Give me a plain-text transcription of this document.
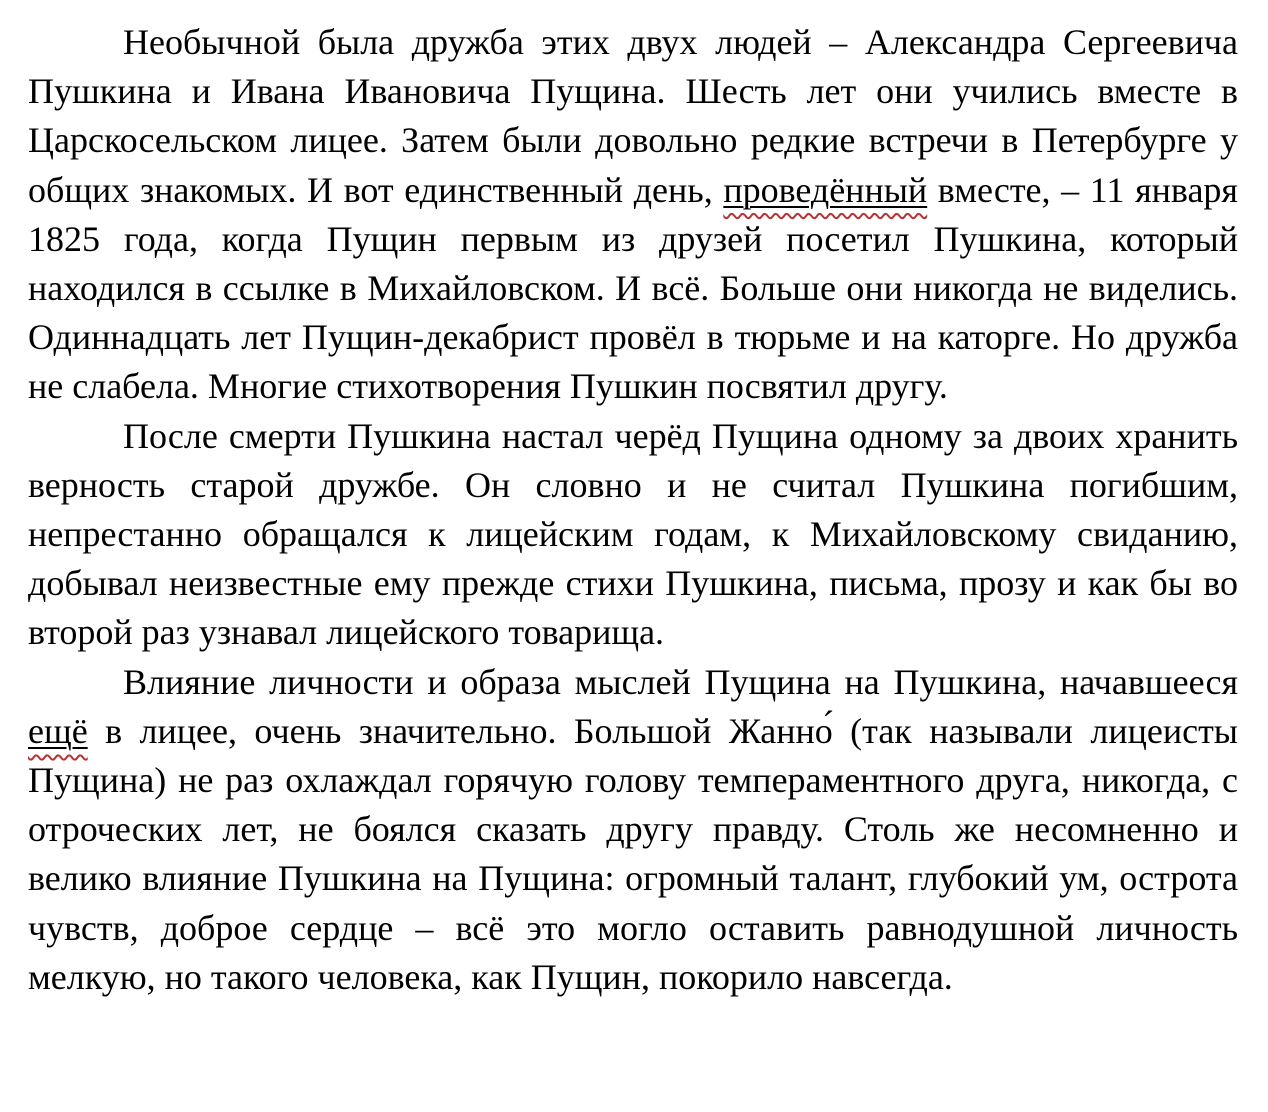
Необычной была дружба этих двух людей – Александра Сергеевича Пушкина и Ивана Ивановича Пущина. Шесть лет они учились вместе в Царскосельском лицее. Затем были довольно редкие встречи в Петербурге у общих знакомых. И вот единственный день, проведённый вместе, – 11 января 1825 года, когда Пущин первым из друзей посетил Пушкина, который находился в ссылке в Михайловском. И всё. Больше они никогда не виделись. Одиннадцать лет Пущин-декабрист провёл в тюрьме и на каторге. Но дружба не слабела. Многие стихотворения Пушкин посвятил другу.

После смерти Пушкина настал черёд Пущина одному за двоих хранить верность старой дружбе. Он словно и не считал Пушкина погибшим, непрестанно обращался к лицейским годам, к Михайловскому свиданию, добывал неизвестные ему прежде стихи Пушкина, письма, прозу и как бы во второй раз узнавал лицейского товарища.

Влияние личности и образа мыслей Пущина на Пушкина, начавшееся ещё в лицее, очень значительно. Большой Жанно́ (так называли лицеисты Пущина) не раз охлаждал горячую голову темпераментного друга, никогда, с отроческих лет, не боялся сказать другу правду. Столь же несомненно и велико влияние Пушкина на Пущина: огромный талант, глубокий ум, острота чувств, доброе сердце – всё это могло оставить равнодушной личность мелкую, но такого человека, как Пущин, покорило навсегда.
